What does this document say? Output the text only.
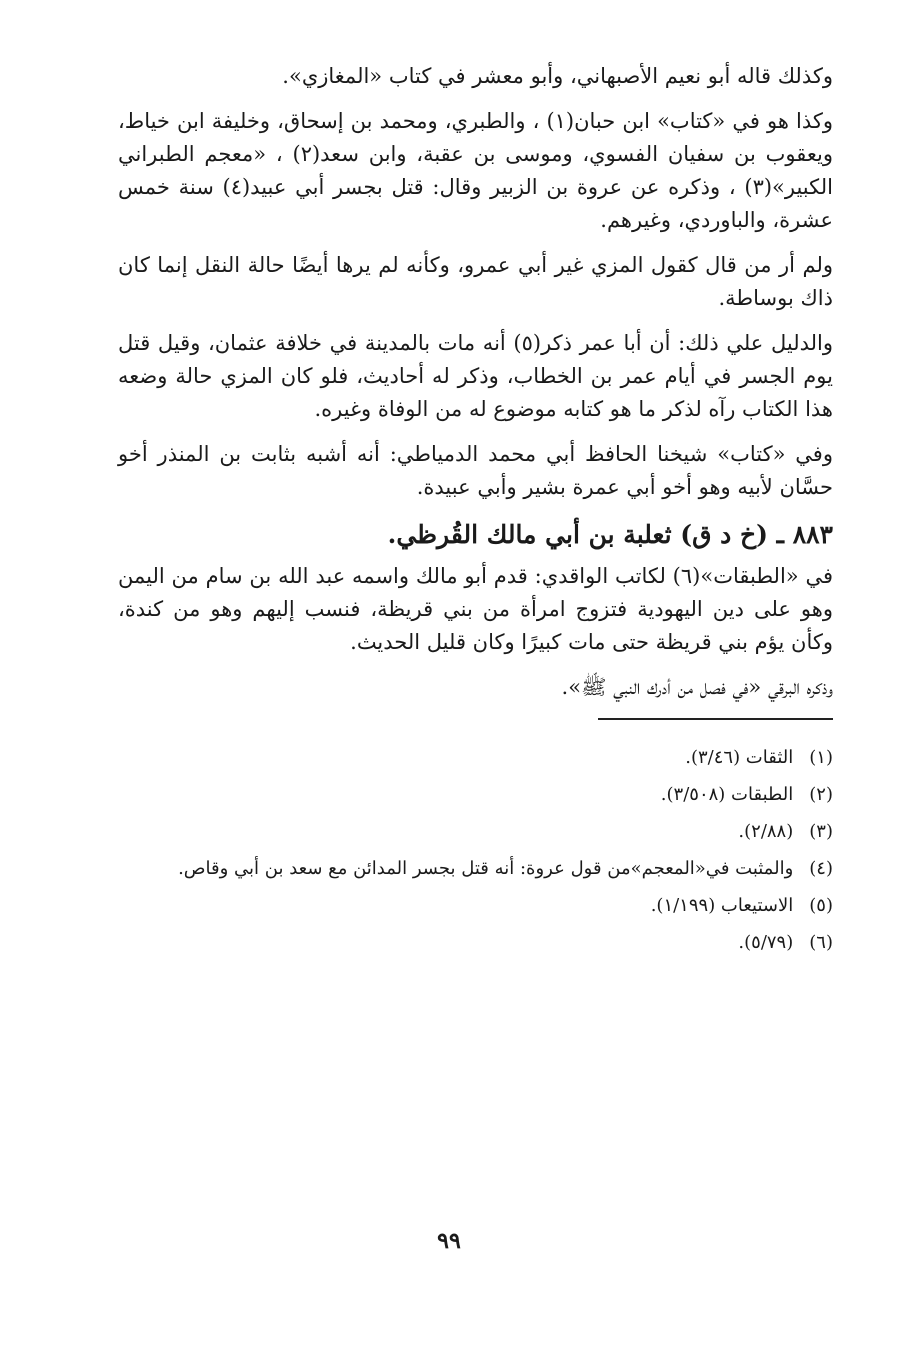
وكذلك قاله أبو نعيم الأصبهاني، وأبو معشر في كتاب «المغازي».

وكذا هو في «كتاب» ابن حبان(١) ، والطبري، ومحمد بن إسحاق، وخليفة ابن خياط، ويعقوب بن سفيان الفسوي، وموسى بن عقبة، وابن سعد(٢) ، «معجم الطبراني الكبير»(٣) ، وذكره عن عروة بن الزبير وقال: قتل بجسر أبي عبيد(٤) سنة خمس عشرة، والباوردي، وغيرهم.

ولم أر من قال كقول المزي غير أبي عمرو، وكأنه لم يرها أيضًا حالة النقل إنما كان ذاك بوساطة.

والدليل علي ذلك: أن أبا عمر ذكر(٥) أنه مات بالمدينة في خلافة عثمان، وقيل قتل يوم الجسر في أيام عمر بن الخطاب، وذكر له أحاديث، فلو كان المزي حالة وضعه هذا الكتاب رآه لذكر ما هو كتابه موضوع له من الوفاة وغيره.

وفي «كتاب» شيخنا الحافظ أبي محمد الدمياطي: أنه أشبه بثابت بن المنذر أخو حسَّان لأبيه وهو أخو أبي عمرة بشير وأبي عبيدة.

٨٨٣ ـ (خ د ق) ثعلبة بن أبي مالك القُرظي.

في «الطبقات»(٦) لكاتب الواقدي: قدم أبو مالك واسمه عبد الله بن سام من اليمن وهو على دين اليهودية فتزوج امرأة من بني قريظة، فنسب إليهم وهو من كندة، وكأن يؤم بني قريظة حتى مات كبيرًا وكان قليل الحديث.

وذكره البرقي «في فصل من أدرك النبي ﷺ».

(١) الثقات (٣/٤٦).
(٢) الطبقات (٣/٥٠٨).
(٣) (٢/٨٨).
(٤) والمثبت في«المعجم»من قول عروة: أنه قتل بجسر المدائن مع سعد بن أبي وقاص.
(٥) الاستيعاب (١/١٩٩).
(٦) (٥/٧٩).
٩٩
